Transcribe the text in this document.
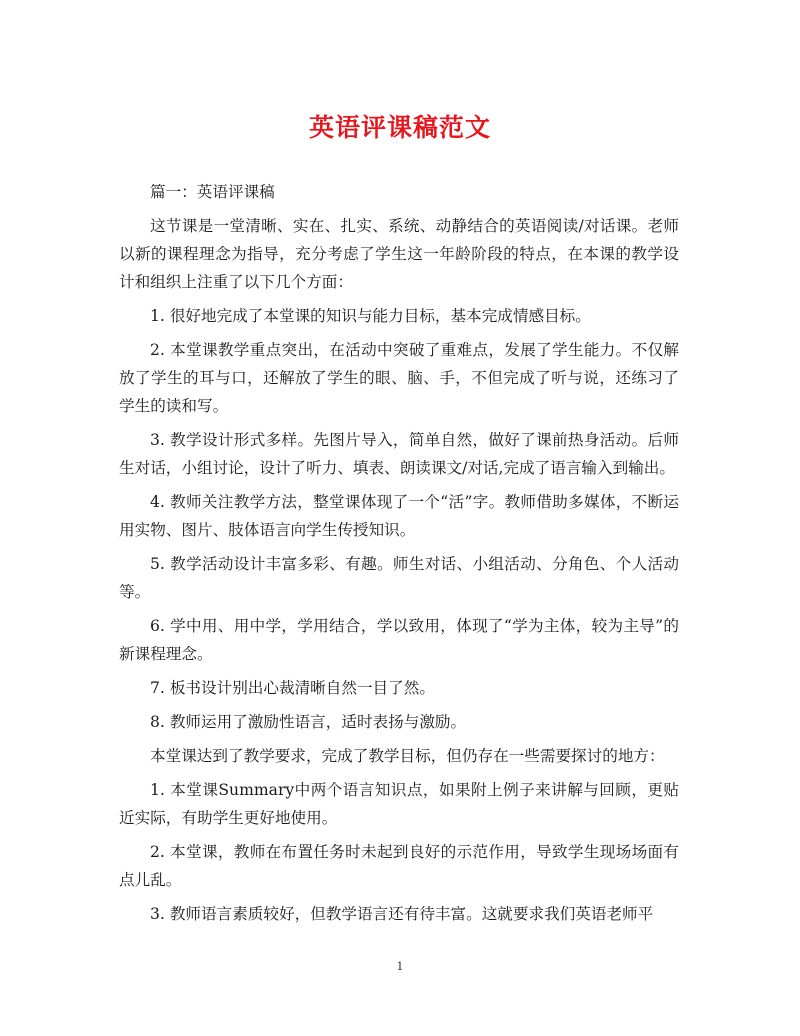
英语评课稿范文

篇一：英语评课稿

这节课是一堂清晰、实在、扎实、系统、动静结合的英语阅读/对话课。老师以新的课程理念为指导，充分考虑了学生这一年龄阶段的特点，在本课的教学设计和组织上注重了以下几个方面：

1. 很好地完成了本堂课的知识与能力目标，基本完成情感目标。

2. 本堂课教学重点突出，在活动中突破了重难点，发展了学生能力。不仅解放了学生的耳与口，还解放了学生的眼、脑、手，不但完成了听与说，还练习了学生的读和写。

3. 教学设计形式多样。先图片导入，简单自然，做好了课前热身活动。后师生对话，小组讨论，设计了听力、填表、朗读课文/对话,完成了语言输入到输出。

4. 教师关注教学方法，整堂课体现了一个“活”字。教师借助多媒体，不断运用实物、图片、肢体语言向学生传授知识。

5. 教学活动设计丰富多彩、有趣。师生对话、小组活动、分角色、个人活动等。

6. 学中用、用中学，学用结合，学以致用，体现了“学为主体，较为主导”的新课程理念。

7. 板书设计别出心裁清晰自然一目了然。

8. 教师运用了激励性语言，适时表扬与激励。

本堂课达到了教学要求，完成了教学目标，但仍存在一些需要探讨的地方：

1. 本堂课Summary中两个语言知识点，如果附上例子来讲解与回顾，更贴近实际，有助学生更好地使用。

2. 本堂课，教师在布置任务时未起到良好的示范作用，导致学生现场场面有点儿乱。

3. 教师语言素质较好，但教学语言还有待丰富。这就要求我们英语老师平

1
